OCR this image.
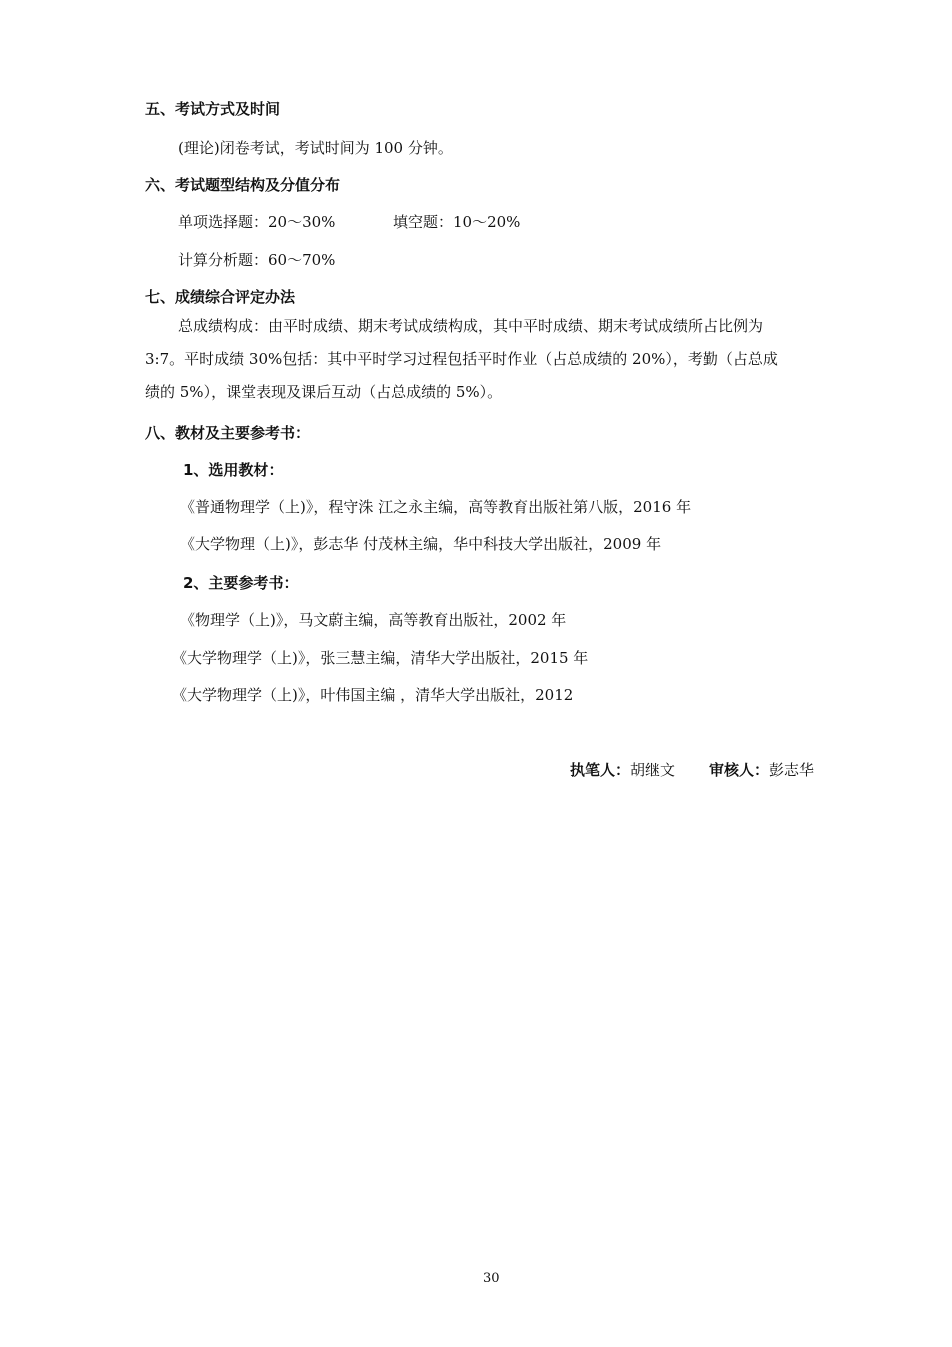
五、考试方式及时间
(理论)闭卷考试，考试时间为 100 分钟。
六、考试题型结构及分值分布
单项选择题：20～30%	填空题：10～20%
计算分析题：60～70%
七、成绩综合评定办法
总成绩构成：由平时成绩、期末考试成绩构成，其中平时成绩、期末考试成绩所占比例为
3:7。平时成绩 30%包括：其中平时学习过程包括平时作业（占总成绩的 20%），考勤（占总成
绩的 5%），课堂表现及课后互动（占总成绩的 5%）。
八、教材及主要参考书：
1、选用教材：
《普通物理学（上)》，程守洙 江之永主编，高等教育出版社第八版，2016 年
《大学物理（上)》，彭志华 付茂林主编，华中科技大学出版社，2009 年
2、主要参考书：
《物理学（上)》，马文蔚主编，高等教育出版社，2002 年
《大学物理学（上)》，张三慧主编，清华大学出版社，2015 年
《大学物理学（上)》，叶伟国主编 ，清华大学出版社，2012
执笔人：胡继文 审核人：彭志华
30
